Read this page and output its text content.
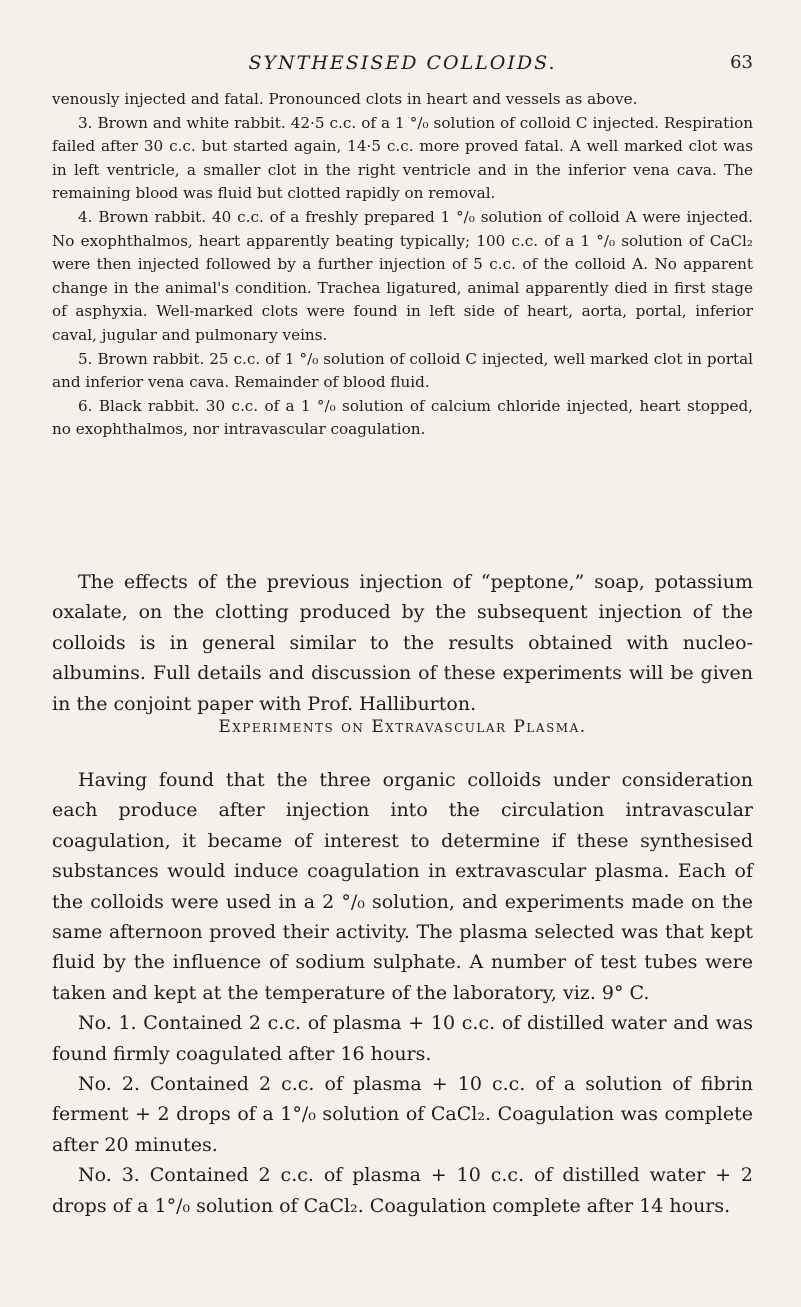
SYNTHESISED COLLOIDS.	63

venously injected and fatal. Pronounced clots in heart and vessels as above.

3. Brown and white rabbit. 42·5 c.c. of a 1 °/₀ solution of colloid C injected. Respiration failed after 30 c.c. but started again, 14·5 c.c. more proved fatal. A well marked clot was in left ventricle, a smaller clot in the right ventricle and in the inferior vena cava. The remaining blood was fluid but clotted rapidly on removal.

4. Brown rabbit. 40 c.c. of a freshly prepared 1 °/₀ solution of colloid A were injected. No exophthalmos, heart apparently beating typically; 100 c.c. of a 1 °/₀ solution of CaCl₂ were then injected followed by a further injection of 5 c.c. of the colloid A. No apparent change in the animal's condition. Trachea ligatured, animal apparently died in first stage of asphyxia. Well-marked clots were found in left side of heart, aorta, portal, inferior caval, jugular and pulmonary veins.

5. Brown rabbit. 25 c.c. of 1 °/₀ solution of colloid C injected, well marked clot in portal and inferior vena cava. Remainder of blood fluid.

6. Black rabbit. 30 c.c. of a 1 °/₀ solution of calcium chloride injected, heart stopped, no exophthalmos, nor intravascular coagulation.

The effects of the previous injection of “peptone,” soap, potassium oxalate, on the clotting produced by the subsequent injection of the colloids is in general similar to the results obtained with nucleo-albumins. Full details and discussion of these experiments will be given in the conjoint paper with Prof. Halliburton.

Experiments on Extravascular Plasma.

Having found that the three organic colloids under consideration each produce after injection into the circulation intravascular coagulation, it became of interest to determine if these synthesised substances would induce coagulation in extravascular plasma. Each of the colloids were used in a 2 °/₀ solution, and experiments made on the same afternoon proved their activity. The plasma selected was that kept fluid by the influence of sodium sulphate. A number of test tubes were taken and kept at the temperature of the laboratory, viz. 9° C.

No. 1. Contained 2 c.c. of plasma + 10 c.c. of distilled water and was found firmly coagulated after 16 hours.

No. 2. Contained 2 c.c. of plasma + 10 c.c. of a solution of fibrin ferment + 2 drops of a 1°/₀ solution of CaCl₂. Coagulation was complete after 20 minutes.

No. 3. Contained 2 c.c. of plasma + 10 c.c. of distilled water + 2 drops of a 1°/₀ solution of CaCl₂. Coagulation complete after 14 hours.
